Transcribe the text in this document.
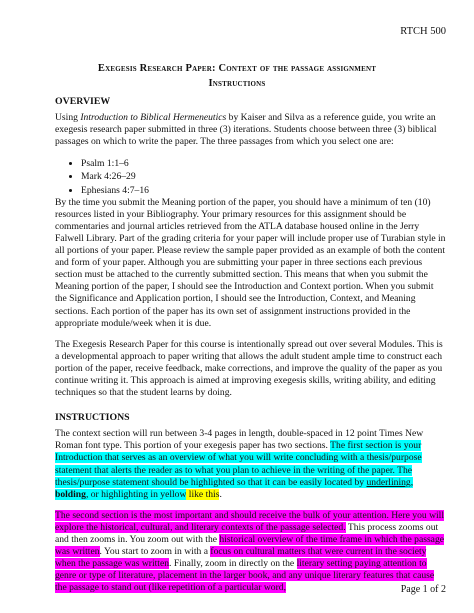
RTCH 500
Exegesis Research Paper: Context of the passage assignment
Instructions
OVERVIEW

Using Introduction to Biblical Hermeneutics by Kaiser and Silva as a reference guide, you write an exegesis research paper submitted in three (3) iterations. Students choose between three (3) biblical passages on which to write the paper. The three passages from which you select one are:

• Psalm 1:1–6
• Mark 4:26–29
• Ephesians 4:7–16

By the time you submit the Meaning portion of the paper, you should have a minimum of ten (10) resources listed in your Bibliography. Your primary resources for this assignment should be commentaries and journal articles retrieved from the ATLA database housed online in the Jerry Falwell Library. Part of the grading criteria for your paper will include proper use of Turabian style in all portions of your paper. Please review the sample paper provided as an example of both the content and form of your paper. Although you are submitting your paper in three sections each previous section must be attached to the currently submitted section. This means that when you submit the Meaning portion of the paper, I should see the Introduction and Context portion. When you submit the Significance and Application portion, I should see the Introduction, Context, and Meaning sections. Each portion of the paper has its own set of assignment instructions provided in the appropriate module/week when it is due.

The Exegesis Research Paper for this course is intentionally spread out over several Modules. This is a developmental approach to paper writing that allows the adult student ample time to construct each portion of the paper, receive feedback, make corrections, and improve the quality of the paper as you continue writing it. This approach is aimed at improving exegesis skills, writing ability, and editing techniques so that the student learns by doing.

INSTRUCTIONS

The context section will run between 3-4 pages in length, double-spaced in 12 point Times New Roman font type. This portion of your exegesis paper has two sections. The first section is your Introduction that serves as an overview of what you will write concluding with a thesis/purpose statement that alerts the reader as to what you plan to achieve in the writing of the paper. The thesis/purpose statement should be highlighted so that it can be easily located by underlining, bolding, or highlighting in yellow like this.

The second section is the most important and should receive the bulk of your attention. Here you will explore the historical, cultural, and literary contexts of the passage selected. This process zooms out and then zooms in. You zoom out with the historical overview of the time frame in which the passage was written. You start to zoom in with a focus on cultural matters that were current in the society when the passage was written. Finally, zoom in directly on the literary setting paying attention to genre or type of literature, placement in the larger book, and any unique literary features that cause the passage to stand out (like repetition of a particular word,	Page 1 of 2
